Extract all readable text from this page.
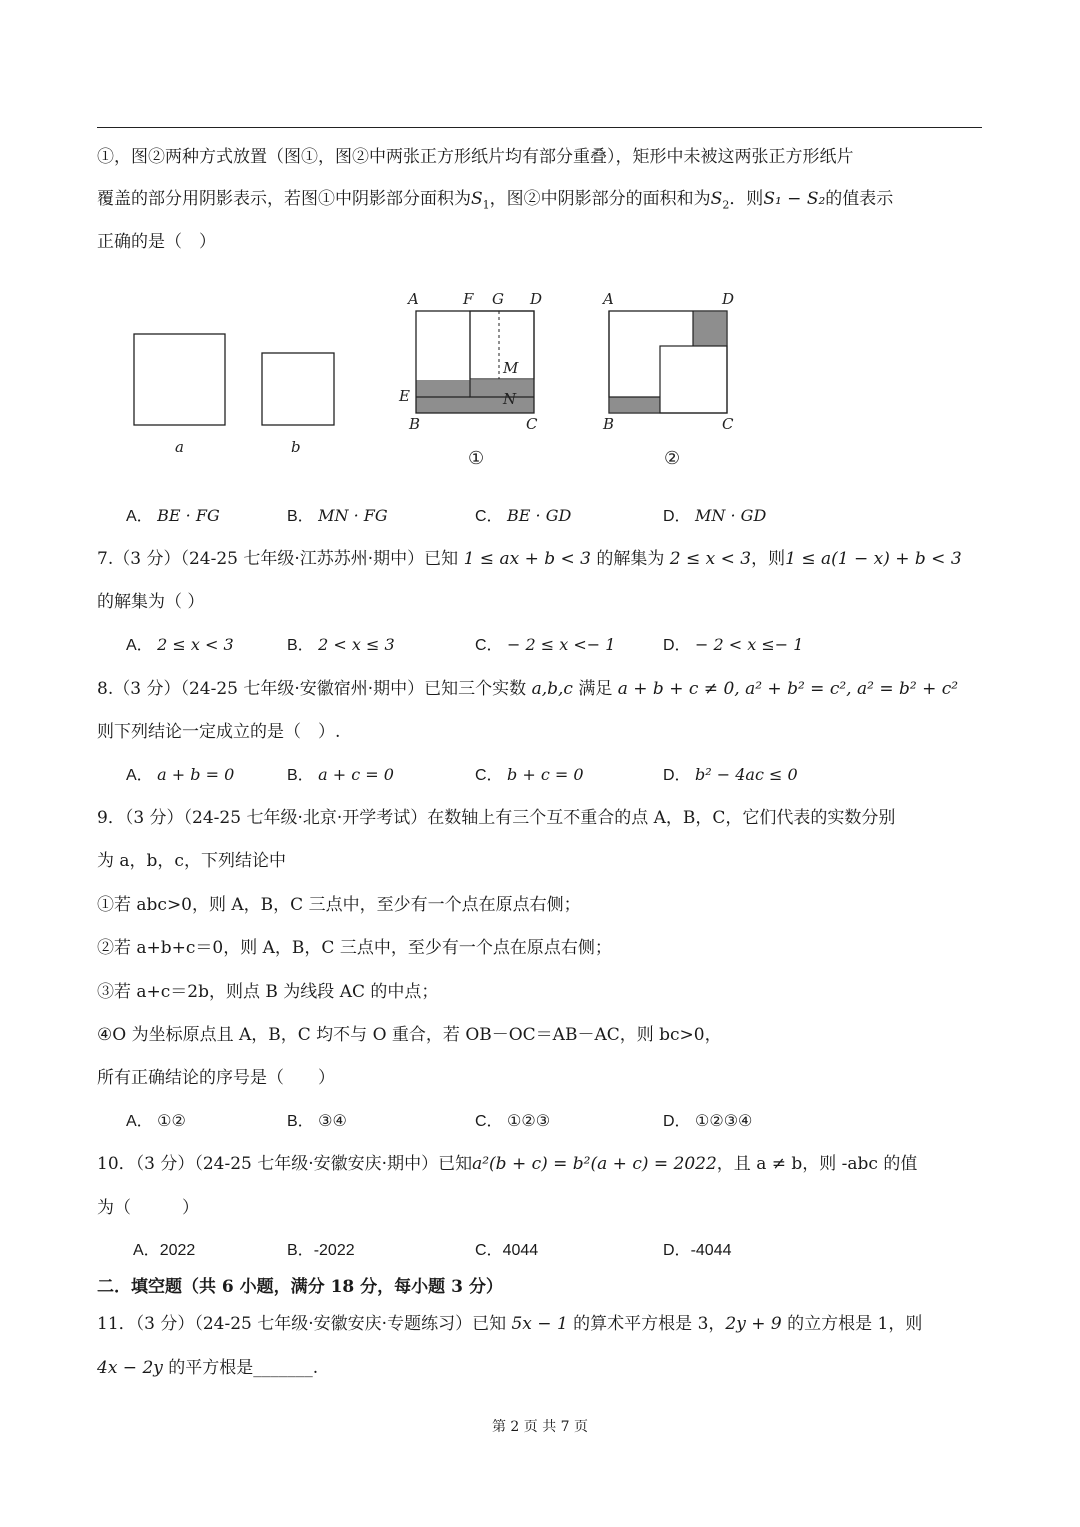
①，图②两种方式放置（图①，图②中两张正方形纸片均有部分重叠），矩形中未被这两张正方形纸片
覆盖的部分用阴影表示，若图①中阴影部分面积为$S_1$，图②中阴影部分的面积和为$S_2$．则S₁ − S₂的值表示
正确的是（　）
a	b
A	F G D
M
E	N
B	C
①
A	D
B	C
②
A． BE · FG	B． MN · FG	C． BE · GD	D． MN · GD
7.（3 分）（24-25 七年级·江苏苏州·期中）已知 1 ≤ ax + b < 3 的解集为 2 ≤ x < 3，则1 ≤ a(1 − x) + b < 3
的解集为（ ）
A． 2 ≤ x < 3	B． 2 < x ≤ 3	C． − 2 ≤ x <− 1	D． − 2 < x ≤− 1
8.（3 分）（24-25 七年级·安徽宿州·期中）已知三个实数 a,b,c 满足 a + b + c ≠ 0, a² + b² = c², a² = b² + c²
则下列结论一定成立的是（　）.
A． a + b = 0	B． a + c = 0	C． b + c = 0	D． b² − 4ac ≤ 0
9．（3 分）（24-25 七年级·北京·开学考试）在数轴上有三个互不重合的点 A，B，C，它们代表的实数分别
为 a，b，c，下列结论中
①若 abc>0，则 A，B，C 三点中，至少有一个点在原点右侧；
②若 a+b+c＝0，则 A，B，C 三点中，至少有一个点在原点右侧；
③若 a+c＝2b，则点 B 为线段 AC 的中点；
④O 为坐标原点且 A，B，C 均不与 O 重合，若 OB－OC＝AB－AC，则 bc>0，
所有正确结论的序号是（　　）
A． ①②	B． ③④	C． ①②③	D． ①②③④
10．（3 分）（24-25 七年级·安徽安庆·期中）已知a²(b + c) = b²(a + c) = 2022，且 a ≠ b，则 -abc 的值
为（　　　）
A．2022	B．-2022	C．4044	D．-4044
二．填空题（共 6 小题，满分 18 分，每小题 3 分）
11．（3 分）（24-25 七年级·安徽安庆·专题练习）已知 5x − 1 的算术平方根是 3，2y + 9 的立方根是 1，则
4x − 2y 的平方根是_______.
第 2 页 共 7 页
